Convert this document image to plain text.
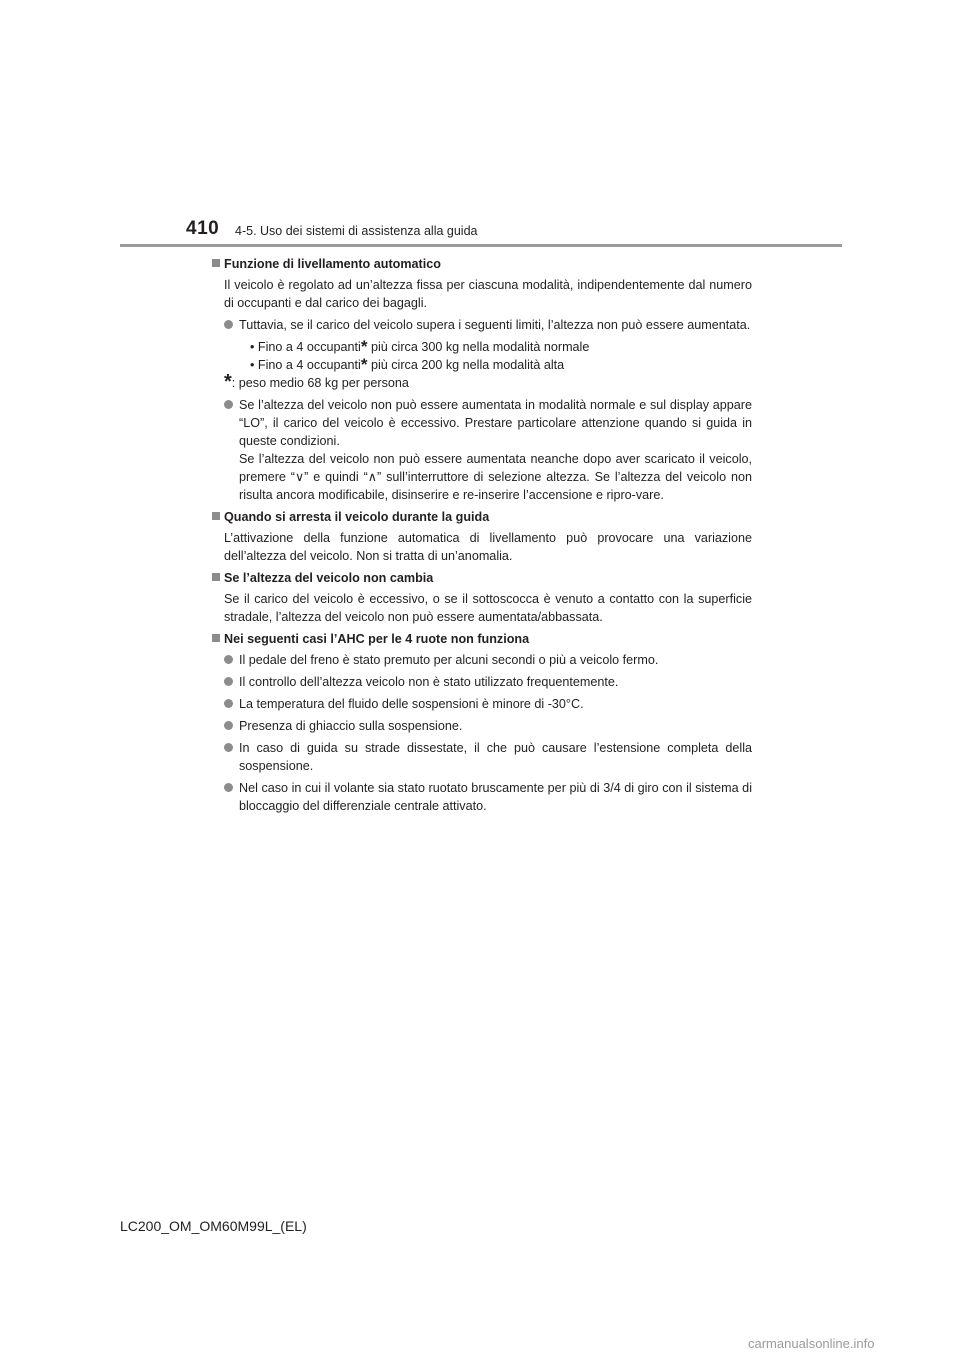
410 4-5. Uso dei sistemi di assistenza alla guida
Funzione di livellamento automatico
Il veicolo è regolato ad un’altezza fissa per ciascuna modalità, indipendentemente dal numero di occupanti e dal carico dei bagagli.
Tuttavia, se il carico del veicolo supera i seguenti limiti, l’altezza non può essere aumentata.
• Fino a 4 occupanti* più circa 300 kg nella modalità normale
• Fino a 4 occupanti* più circa 200 kg nella modalità alta
*: peso medio 68 kg per persona
Se l’altezza del veicolo non può essere aumentata in modalità normale e sul display appare “LO”, il carico del veicolo è eccessivo. Prestare particolare attenzione quando si guida in queste condizioni.
Se l’altezza del veicolo non può essere aumentata neanche dopo aver scaricato il veicolo, premere “∨” e quindi “∧” sull’interruttore di selezione altezza. Se l’altezza del veicolo non risulta ancora modificabile, disinserire e re-inserire l’accensione e ripro-vare.
Quando si arresta il veicolo durante la guida
L’attivazione della funzione automatica di livellamento può provocare una variazione dell’altezza del veicolo. Non si tratta di un’anomalia.
Se l’altezza del veicolo non cambia
Se il carico del veicolo è eccessivo, o se il sottoscocca è venuto a contatto con la superficie stradale, l’altezza del veicolo non può essere aumentata/abbassata.
Nei seguenti casi l’AHC per le 4 ruote non funziona
Il pedale del freno è stato premuto per alcuni secondi o più a veicolo fermo.
Il controllo dell’altezza veicolo non è stato utilizzato frequentemente.
La temperatura del fluido delle sospensioni è minore di -30°C.
Presenza di ghiaccio sulla sospensione.
In caso di guida su strade dissestate, il che può causare l’estensione completa della sospensione.
Nel caso in cui il volante sia stato ruotato bruscamente per più di 3/4 di giro con il sistema di bloccaggio del differenziale centrale attivato.
LC200_OM_OM60M99L_(EL)
carmanualsonline.info
